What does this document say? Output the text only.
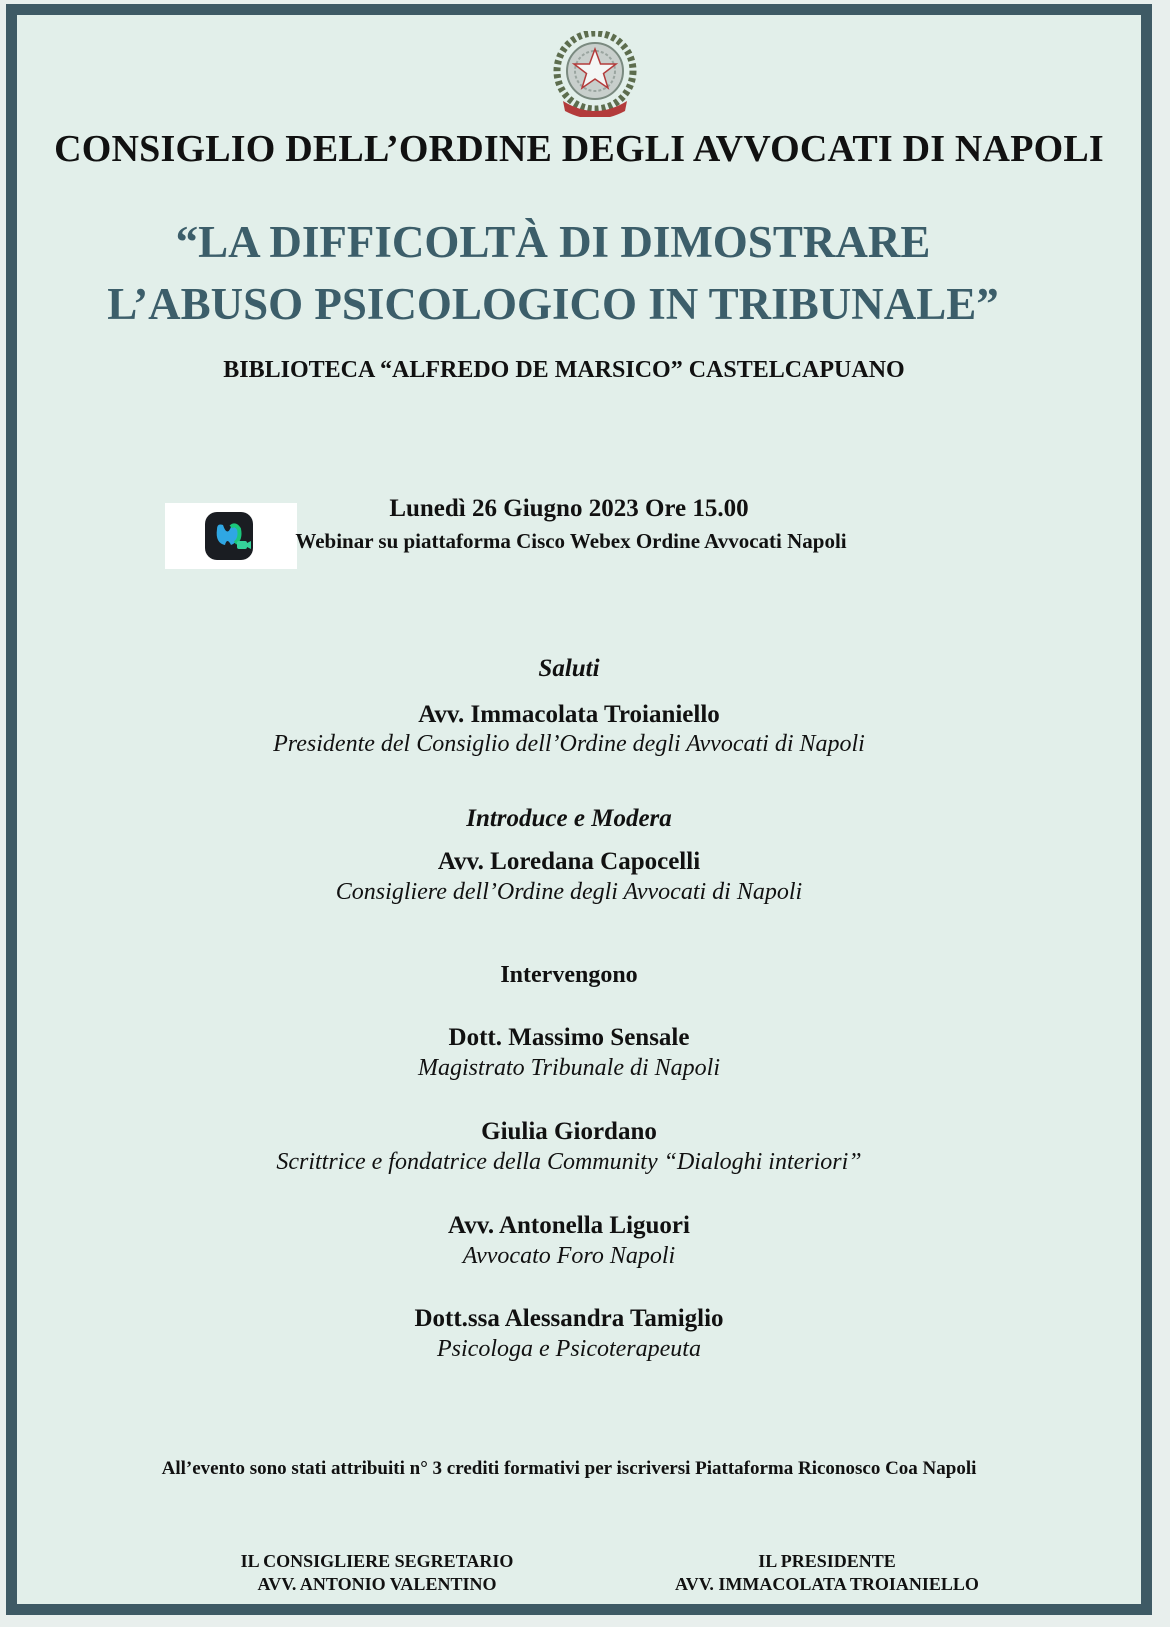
CONSIGLIO DELL’ORDINE DEGLI AVVOCATI DI NAPOLI
“LA DIFFICOLTÀ DI DIMOSTRARE
L’ABUSO PSICOLOGICO IN TRIBUNALE”
BIBLIOTECA “ALFREDO DE MARSICO” CASTELCAPUANO
Lunedì 26 Giugno 2023 Ore 15.00
Webinar su piattaforma Cisco Webex Ordine Avvocati Napoli
Saluti
Avv. Immacolata Troianiello
Presidente del Consiglio dell’Ordine degli Avvocati di Napoli
Introduce e Modera
Avv. Loredana Capocelli
Consigliere dell’Ordine degli Avvocati di Napoli
Intervengono
Dott. Massimo Sensale
Magistrato Tribunale di Napoli
Giulia Giordano
Scrittrice e fondatrice della Community “Dialoghi interiori”
Avv. Antonella Liguori
Avvocato Foro Napoli
Dott.ssa Alessandra Tamiglio
Psicologa e Psicoterapeuta
All’evento sono stati attribuiti n° 3 crediti formativi per iscriversi Piattaforma Riconosco Coa Napoli
IL CONSIGLIERE SEGRETARIO
AVV. ANTONIO VALENTINO
IL PRESIDENTE
AVV. IMMACOLATA TROIANIELLO
